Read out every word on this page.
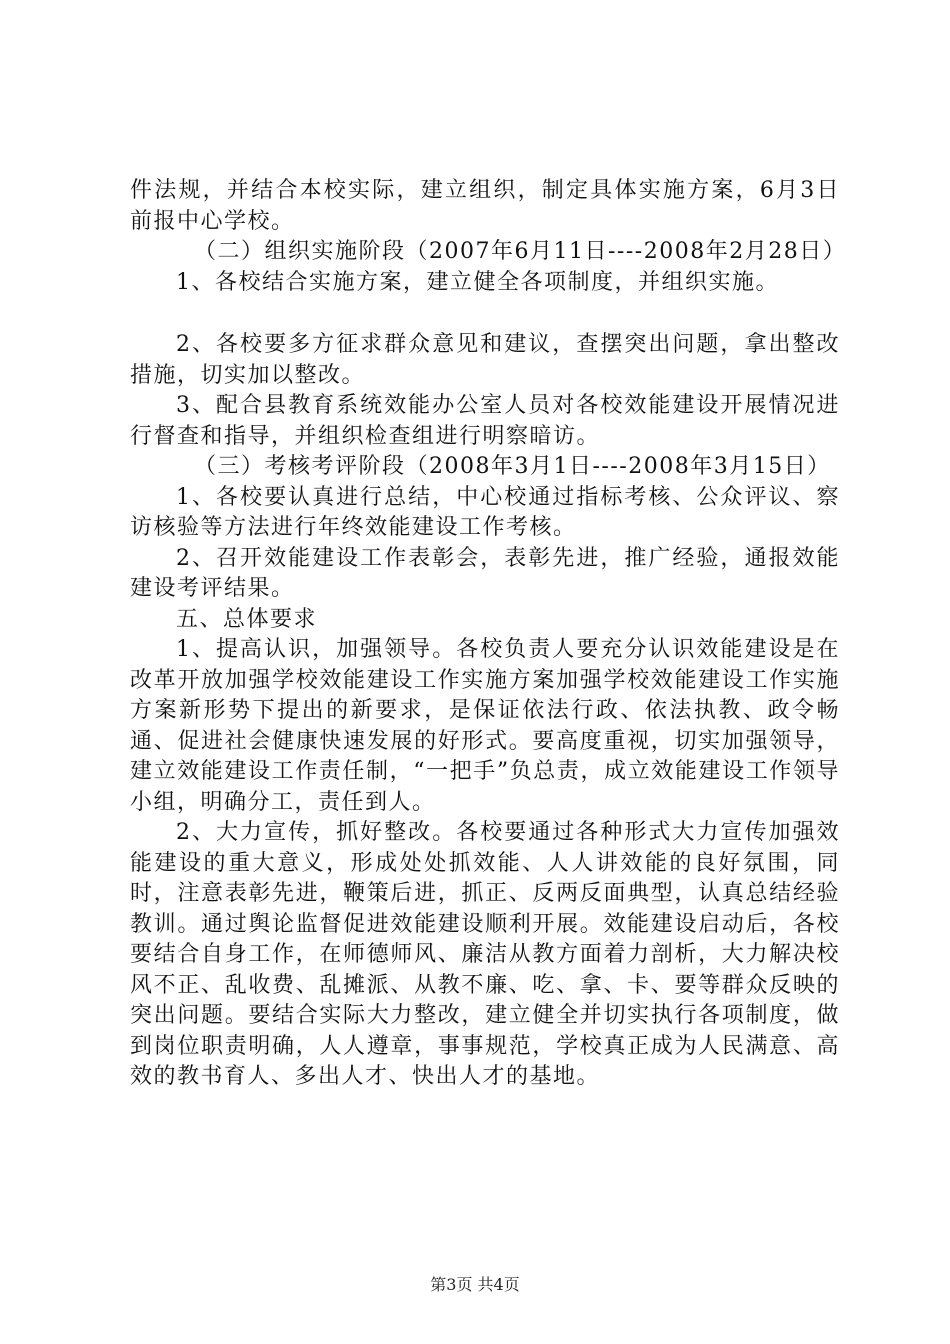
件法规，并结合本校实际，建立组织，制定具体实施方案，6月3日前报中心学校。

（二）组织实施阶段（2007年6月11日----2008年2月28日）

1、各校结合实施方案，建立健全各项制度，并组织实施。

2、各校要多方征求群众意见和建议，查摆突出问题，拿出整改措施，切实加以整改。

3、配合县教育系统效能办公室人员对各校效能建设开展情况进行督查和指导，并组织检查组进行明察暗访。

（三）考核考评阶段（2008年3月1日----2008年3月15日）

1、各校要认真进行总结，中心校通过指标考核、公众评议、察访核验等方法进行年终效能建设工作考核。

2、召开效能建设工作表彰会，表彰先进，推广经验，通报效能建设考评结果。

五、总体要求

1、提高认识，加强领导。各校负责人要充分认识效能建设是在改革开放加强学校效能建设工作实施方案加强学校效能建设工作实施方案新形势下提出的新要求，是保证依法行政、依法执教、政令畅通、促进社会健康快速发展的好形式。要高度重视，切实加强领导，建立效能建设工作责任制，“一把手”负总责，成立效能建设工作领导小组，明确分工，责任到人。

2、大力宣传，抓好整改。各校要通过各种形式大力宣传加强效能建设的重大意义，形成处处抓效能、人人讲效能的良好氛围，同时，注意表彰先进，鞭策后进，抓正、反两反面典型，认真总结经验教训。通过舆论监督促进效能建设顺利开展。效能建设启动后，各校要结合自身工作，在师德师风、廉洁从教方面着力剖析，大力解决校风不正、乱收费、乱摊派、从教不廉、吃、拿、卡、要等群众反映的突出问题。要结合实际大力整改，建立健全并切实执行各项制度，做到岗位职责明确，人人遵章，事事规范，学校真正成为人民满意、高效的教书育人、多出人才、快出人才的基地。

第3页 共4页
